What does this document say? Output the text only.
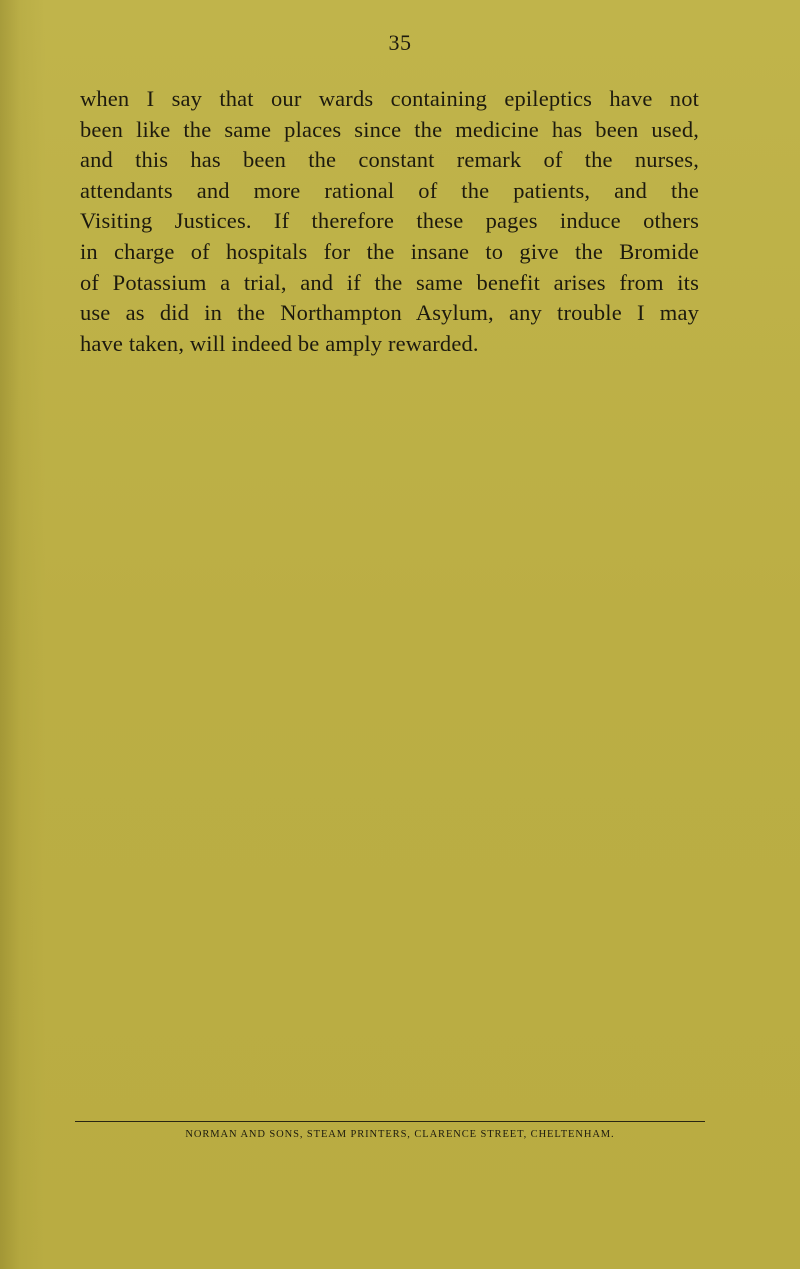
35

when I say that our wards containing epileptics have not
been like the same places since the medicine has been used,
and this has been the constant remark of the nurses,
attendants and more rational of the patients, and the
Visiting Justices. If therefore these pages induce others
in charge of hospitals for the insane to give the Bromide
of Potassium a trial, and if the same benefit arises from its
use as did in the Northampton Asylum, any trouble I may
have taken, will indeed be amply rewarded.

NORMAN AND SONS, STEAM PRINTERS, CLARENCE STREET, CHELTENHAM.
